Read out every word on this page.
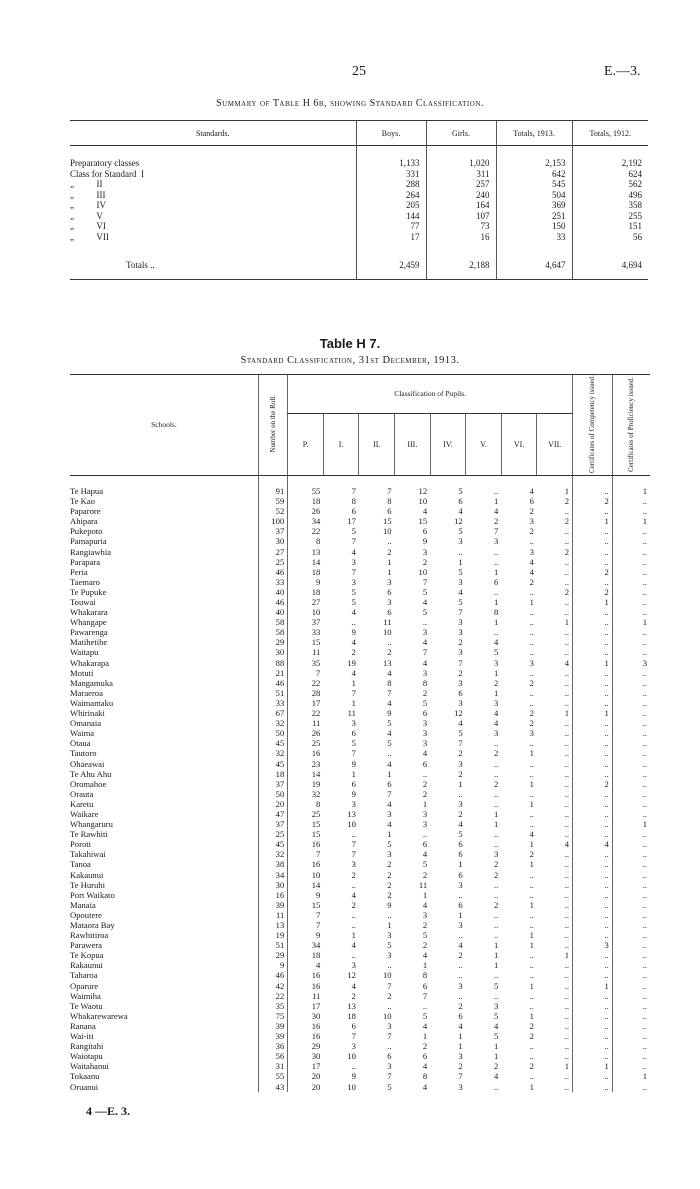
25	E.—3.
Summary of Table H 6b, showing Standard Classification.
Standards.	Boys.	Girls.	Totals, 1913.	Totals, 1912.
Preparatory classes	1,133	1,020	2,153	2,192
Class for Standard  I	331	311	642	624
„          II	288	257	545	562
„          III	264	240	504	496
„          IV	205	164	369	358
„          V	144	107	251	255
„          VI	77	73	150	151
„          VII	17	16	33	56
Totals ..	2,459	2,188	4,647	4,694
Table H 7.
Standard Classification, 31st December, 1913.
Schools.	Number on the Roll.	Classification of Pupils.								Certificates of Competency issued.	Certificates of Proficiency issued.
		P.	I.	II.	III.	IV.	V.	VI.	VII.		
Te Hapua	91	55	7	7	12	5	..	4	1	..	1
Te Kao	59	18	8	8	10	6	1	6	2	2	..
Paparore	52	26	6	6	4	4	4	2	..	..	..
Ahipara	100	34	17	15	15	12	2	3	2	1	1
Pukepoto	37	22	5	10	6	5	7	2	..	..	..
Pamapuria	30	8	7	..	9	3	3	..	..	..	..
Rangiawhia	27	13	4	2	3	..	..	3	2	..	..
Parapara	25	14	3	1	2	1	..	4	..	..	..
Peria	46	18	7	1	10	5	1	4	..	2	..
Taemaro	33	9	3	3	7	3	6	2	..	..	..
Te Pupuke	40	18	5	6	5	4	..	..	2	2	..
Touwai	46	27	5	3	4	5	1	1	..	1	..
Whakarara	40	10	4	6	5	7	8	..	..	..	..
Whangape	58	37	..	11	..	3	1	..	1	..	1
Pawarenga	58	33	9	10	3	3	..	..	..	..	..
Matihetihe	29	15	4	..	4	2	4	..	..	..	..
Waitapu	30	11	2	2	7	3	5	..	..	..	..
Whakarapa	88	35	19	13	4	7	3	3	4	1	3
Motuti	21	7	4	4	3	2	1	..	..	..	..
Mangamuka	46	22	1	8	8	3	2	2	..	..	..
Maraeroa	51	28	7	7	2	6	1	..	..	..	..
Waimamaku	33	17	1	4	5	3	3	..	..	..	..
Whirinaki	67	22	11	9	6	12	4	2	1	1	..
Omanaia	32	11	3	5	3	4	4	2	..	..	..
Waima	50	26	6	4	3	5	3	3	..	..	..
Otaua	45	25	5	5	3	7	..	..	..	..	..
Tautoro	32	16	7	..	4	2	2	1	..	..	..
Ohaeawai	45	23	9	4	6	3	..	..	..	..	..
Te Ahu Ahu	18	14	1	1	..	2	..	..	..	..	..
Oromahoe	37	19	6	6	2	1	2	1	..	2	..
Orauta	50	32	9	7	2	..	..	..	..	..	..
Karetu	20	8	3	4	1	3	..	1	..	..	..
Waikare	47	25	13	3	3	2	1	..	..	..	..
Whangaruru	37	15	10	4	3	4	1	..	..	..	1
Te Rawhiti	25	15	..	1	..	5	..	4	..	..	..
Poroti	45	16	7	5	6	6	..	1	4	4	..
Takahiwai	32	7	7	3	4	6	3	2	..	..	..
Tanoa	38	16	3	2	5	1	2	1	..	..	..
Kakaunui	34	10	2	2	2	6	2	..	..	..	..
Te Huruhi	30	14	..	2	11	3	..	..	..	..	..
Port Waikato	16	9	4	2	1	..	..	..	..	..	..
Manaia	39	15	2	9	4	6	2	1	..	..	..
Opoutere	11	7	..	..	3	1	..	..	..	..	..
Mataora Bay	13	7	..	1	2	3	..	..	..	..	..
Rawhitiroa	19	9	1	3	5	..	..	1	..	..	..
Parawera	51	34	4	5	2	4	1	1	..	3	..
Te Kopua	29	18	..	3	4	2	1	..	1	..	..
Rakaunui	9	4	3	..	1	..	1	..	..	..	..
Taharoa	46	16	12	10	8	..	..	..	..	..	..
Oparure	42	16	4	7	6	3	5	1	..	1	..
Waimiha	22	11	2	2	7	..	..	..	..	..	..
Te Waotu	35	17	13	..	..	2	3	..	..	..	..
Whakarewarewa	75	30	18	10	5	6	5	1	..	..	..
Ranana	39	16	6	3	4	4	4	2	..	..	..
Wai-iti	39	16	7	7	1	1	5	2	..	..	..
Rangitahi	36	29	3	..	2	1	1	..	..	..	..
Waiotapu	56	30	10	6	6	3	1	..	..	..	..
Waitahanui	31	17	..	3	4	2	2	2	1	1	..
Tokaanu	55	20	9	7	8	7	4	..	..	..	1
Oruanui	43	20	10	5	4	3	..	1	..	..	..
4 —E. 3.
